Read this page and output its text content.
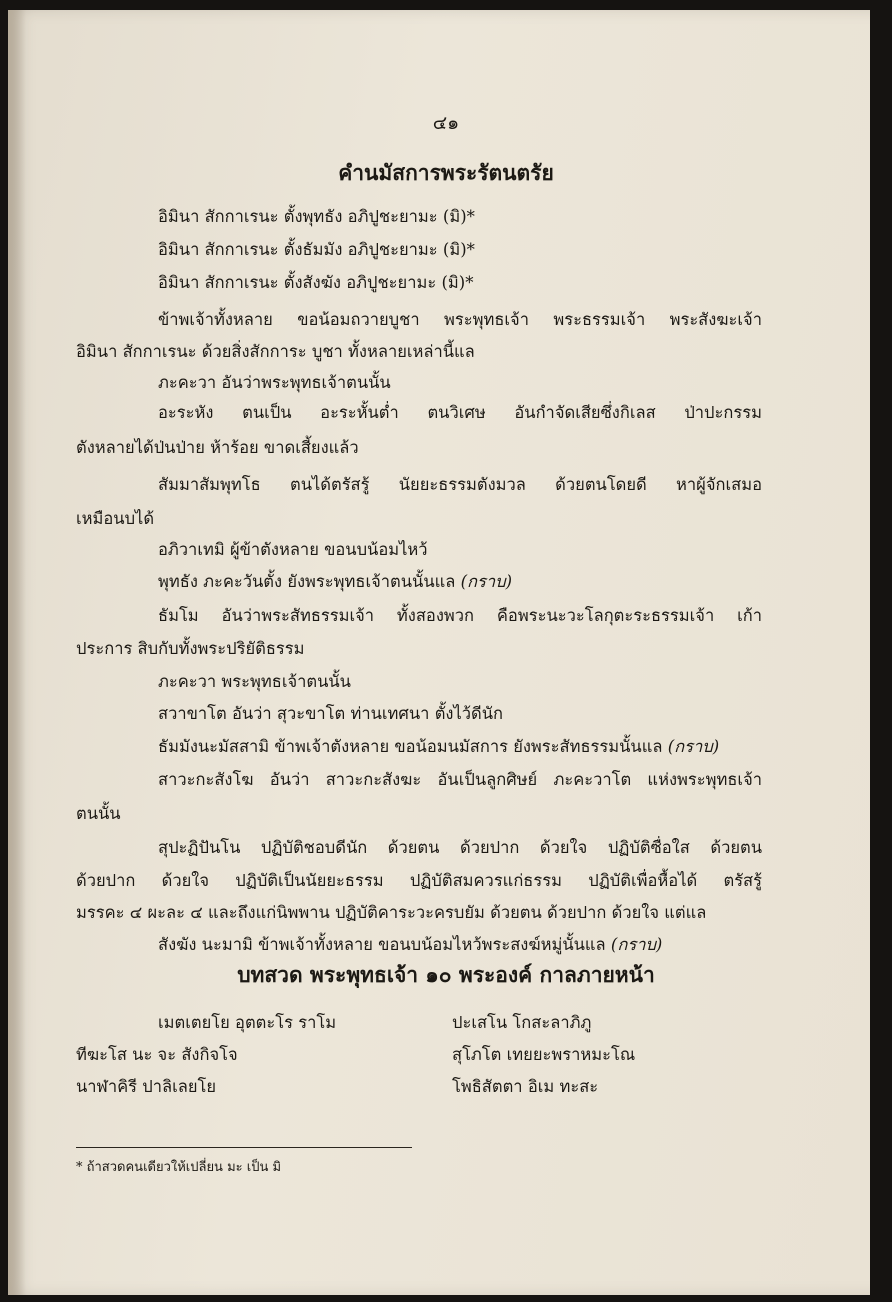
๔๑
คำนมัสการพระรัตนตรัย
อิมินา สักกาเรนะ ตั้งพุทธัง อภิปูชะยามะ (มิ)*
อิมินา สักกาเรนะ ตั้งธัมมัง อภิปูชะยามะ (มิ)*
อิมินา สักกาเรนะ ตั้งสังฆัง อภิปูชะยามะ (มิ)*
ข้าพเจ้าทั้งหลาย ขอน้อมถวายบูชา พระพุทธเจ้า พระธรรมเจ้า พระสังฆะเจ้า
อิมินา สักกาเรนะ ด้วยสิ่งสักการะ บูชา ทั้งหลายเหล่านี้แล
ภะคะวา อันว่าพระพุทธเจ้าตนนั้น
อะระหัง ตนเป็น อะระหั้นต่ำ ตนวิเศษ อันกำจัดเสียซึ่งกิเลส ป่าปะกรรม
ตังหลายได้ป่นป่าย ห้าร้อย ขาดเสี้ยงแล้ว
สัมมาสัมพุทโธ ตนได้ตรัสรู้ นัยยะธรรมตังมวล ด้วยตนโดยดี หาผู้จักเสมอ
เหมือนบได้
อภิวาเทมิ ผู้ข้าตังหลาย ขอนบน้อมไหว้
พุทธัง ภะคะวันตั้ง ยังพระพุทธเจ้าตนนั้นแล (กราบ)
ธัมโม อันว่าพระสัทธรรมเจ้า ทั้งสองพวก คือพระนะวะโลกุตะระธรรมเจ้า เก้า
ประการ สิบกับทั้งพระปริยัติธรรม
ภะคะวา พระพุทธเจ้าตนนั้น
สวาขาโต อันว่า สุวะขาโต ท่านเทศนา ตั้งไว้ดีนัก
ธัมมังนะมัสสามิ ข้าพเจ้าตังหลาย ขอน้อมนมัสการ ยังพระสัทธรรมนั้นแล (กราบ)
สาวะกะสังโฆ อันว่า สาวะกะสังฆะ อันเป็นลูกศิษย์ ภะคะวาโต แห่งพระพุทธเจ้า
ตนนั้น
สุปะฏิปันโน ปฏิบัติชอบดีนัก ด้วยตน ด้วยปาก ด้วยใจ ปฏิบัติซื่อใส ด้วยตน
ด้วยปาก ด้วยใจ ปฏิบัติเป็นนัยยะธรรม ปฏิบัติสมควรแก่ธรรม ปฏิบัติเพื่อหื้อได้ ตรัสรู้
มรรคะ ๔ ผะละ ๔ และถึงแก่นิพพาน ปฏิบัติคาระวะครบยัม ด้วยตน ด้วยปาก ด้วยใจ แต่แล
สังฆัง นะมามิ ข้าพเจ้าทั้งหลาย ขอนบน้อมไหว้พระสงฆ์หมู่นั้นแล (กราบ)
บทสวด พระพุทธเจ้า ๑๐ พระองค์ กาลภายหน้า
เมตเตยโย อุตตะโร ราโม
ทีฆะโส นะ จะ สังกิจโจ
นาฬาคิรี ปาลิเลยโย
ปะเสโน โกสะลาภิภู
สุโภโต เทยยะพราหมะโณ
โพธิสัตตา อิเม ทะสะ
* ถ้าสวดคนเดียวให้เปลี่ยน มะ เป็น มิ
